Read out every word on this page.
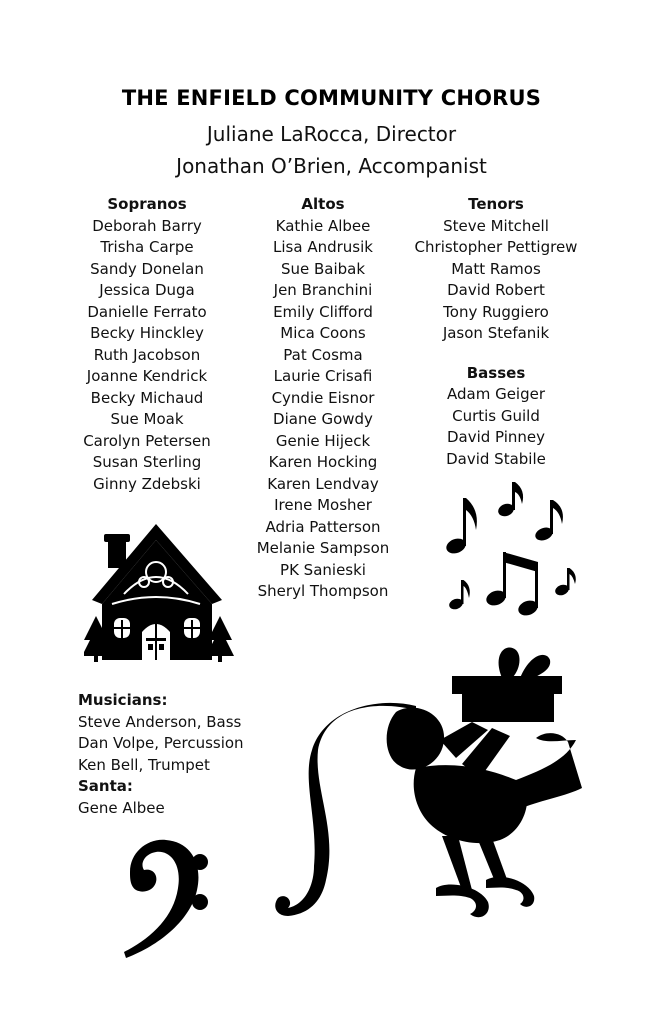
THE ENFIELD COMMUNITY CHORUS
Juliane LaRocca, Director
Jonathan O’Brien, Accompanist
Sopranos
Deborah Barry
Trisha Carpe
Sandy Donelan
Jessica Duga
Danielle Ferrato
Becky Hinckley
Ruth Jacobson
Joanne Kendrick
Becky Michaud
Sue Moak
Carolyn Petersen
Susan Sterling
Ginny Zdebski
Altos
Kathie Albee
Lisa Andrusik
Sue Baibak
Jen Branchini
Emily Clifford
Mica Coons
Pat Cosma
Laurie Crisafi
Cyndie Eisnor
Diane Gowdy
Genie Hijeck
Karen Hocking
Karen Lendvay
Irene Mosher
Adria Patterson
Melanie Sampson
PK Sanieski
Sheryl Thompson
Tenors
Steve Mitchell
Christopher Pettigrew
Matt Ramos
David Robert
Tony Ruggiero
Jason Stefanik
Basses
Adam Geiger
Curtis Guild
David Pinney
David Stabile
Musicians:
Steve Anderson, Bass
Dan Volpe, Percussion
Ken Bell, Trumpet
Santa:
Gene Albee
